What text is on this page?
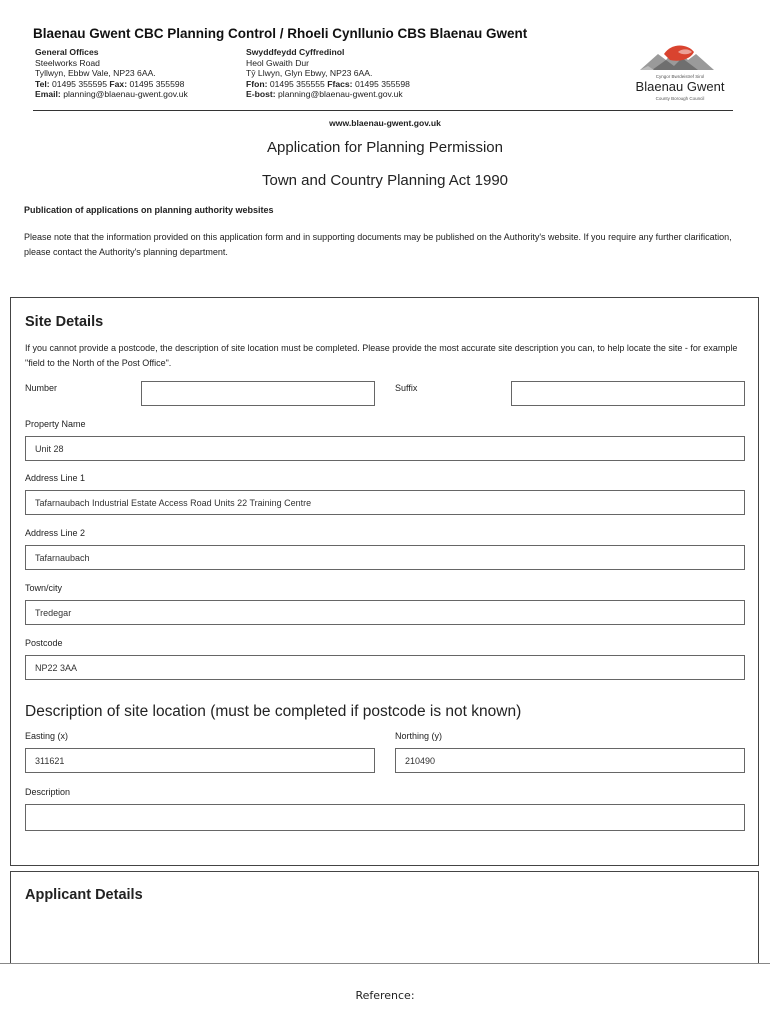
Blaenau Gwent CBC Planning Control / Rhoeli Cynllunio CBS Blaenau Gwent
General Offices
Steelworks Road
Tyllwyn, Ebbw Vale, NP23 6AA.
Tel: 01495 355595 Fax: 01495 355598
Email: planning@blaenau-gwent.gov.uk
Swyddfeydd Cyffredinol
Heol Gwaith Dur
Tŷ Llwyn, Glyn Ebwy, NP23 6AA.
Ffon: 01495 355555 Ffacs: 01495 355598
E-bost: planning@blaenau-gwent.gov.uk
Cyngor Bwrdeistref Sirol
Blaenau Gwent
County Borough Council
www.blaenau-gwent.gov.uk
Application for Planning Permission
Town and Country Planning Act 1990
Publication of applications on planning authority websites
Please note that the information provided on this application form and in supporting documents may be published on the Authority's website. If you require any further clarification, please contact the Authority's planning department.
Site Details
If you cannot provide a postcode, the description of site location must be completed. Please provide the most accurate site description you can, to help locate the site - for example "field to the North of the Post Office".
Number	Suffix
Property Name
Unit 28
Address Line 1
Tafarnaubach Industrial Estate Access Road Units 22 Training Centre
Address Line 2
Tafarnaubach
Town/city
Tredegar
Postcode
NP22 3AA
Description of site location (must be completed if postcode is not known)
Easting (x)
311621
Northing (y)
210490
Description
Applicant Details
Reference:
